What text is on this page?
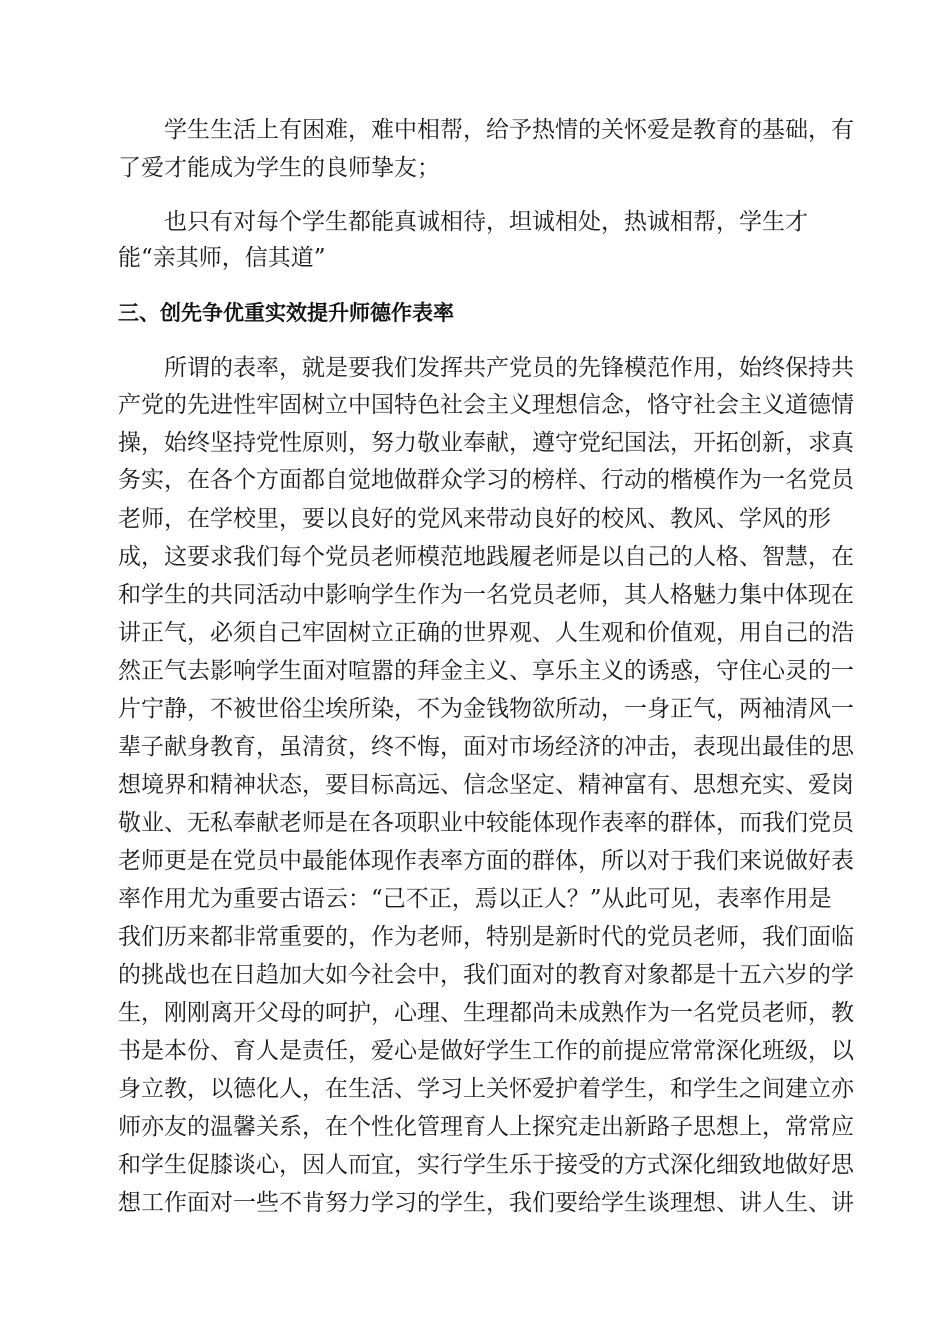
学生生活上有困难，难中相帮，给予热情的关怀爱是教育的基础，有

了爱才能成为学生的良师挚友；

也只有对每个学生都能真诚相待，坦诚相处，热诚相帮，学生才

能“亲其师，信其道”

三、创先争优重实效提升师德作表率

所谓的表率，就是要我们发挥共产党员的先锋模范作用，始终保持共

产党的先进性牢固树立中国特色社会主义理想信念，恪守社会主义道德情

操，始终坚持党性原则，努力敬业奉献，遵守党纪国法，开拓创新，求真

务实，在各个方面都自觉地做群众学习的榜样、行动的楷模作为一名党员

老师，在学校里，要以良好的党风来带动良好的校风、教风、学风的形

成，这要求我们每个党员老师模范地践履老师是以自己的人格、智慧，在

和学生的共同活动中影响学生作为一名党员老师，其人格魅力集中体现在

讲正气，必须自己牢固树立正确的世界观、人生观和价值观，用自己的浩

然正气去影响学生面对喧嚣的拜金主义、享乐主义的诱惑，守住心灵的一

片宁静，不被世俗尘埃所染，不为金钱物欲所动，一身正气，两袖清风一

辈子献身教育，虽清贫，终不悔，面对市场经济的冲击，表现出最佳的思

想境界和精神状态，要目标高远、信念坚定、精神富有、思想充实、爱岗

敬业、无私奉献老师是在各项职业中较能体现作表率的群体，而我们党员

老师更是在党员中最能体现作表率方面的群体，所以对于我们来说做好表

率作用尤为重要古语云：“己不正，焉以正人？”从此可见，表率作用是

我们历来都非常重要的，作为老师，特别是新时代的党员老师，我们面临

的挑战也在日趋加大如今社会中，我们面对的教育对象都是十五六岁的学

生，刚刚离开父母的呵护，心理、生理都尚未成熟作为一名党员老师，教

书是本份、育人是责任，爱心是做好学生工作的前提应常常深化班级，以

身立教，以德化人，在生活、学习上关怀爱护着学生，和学生之间建立亦

师亦友的温馨关系，在个性化管理育人上探究走出新路子思想上，常常应

和学生促膝谈心，因人而宜，实行学生乐于接受的方式深化细致地做好思

想工作面对一些不肯努力学习的学生，我们要给学生谈理想、讲人生、讲
